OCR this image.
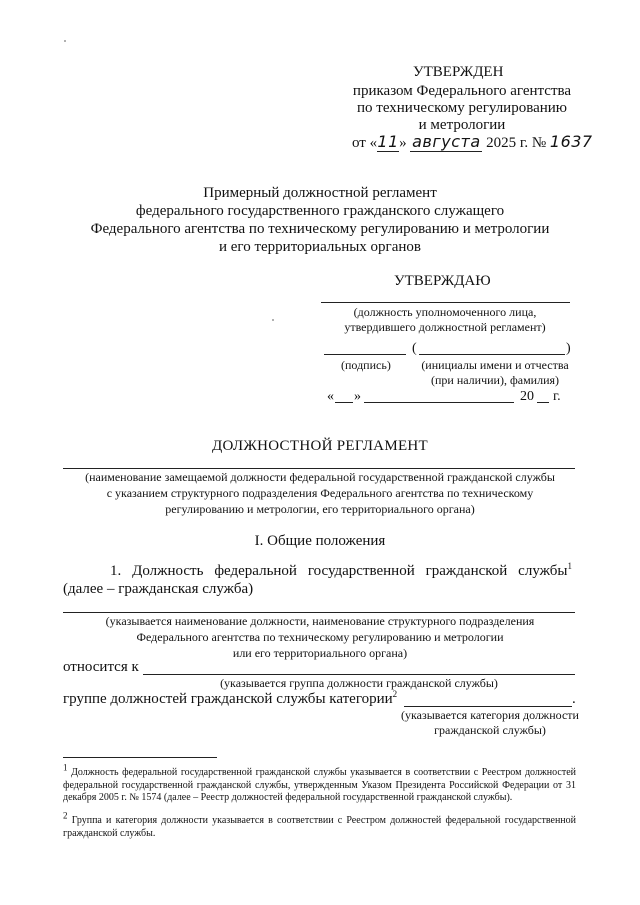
УТВЕРЖДЕН
приказом Федерального агентства
по техническому регулированию
и метрологии
от «11» августа 2025 г. № 1637
Примерный должностной регламент
федерального государственного гражданского служащего
Федерального агентства по техническому регулированию и метрологии
и его территориальных органов
УТВЕРЖДАЮ
(должность уполномоченного лица,
утвердившего должностной регламент)
(	)
(подпись)	(инициалы имени и отчества
(при наличии), фамилия)
« »	20 г.
ДОЛЖНОСТНОЙ РЕГЛАМЕНТ
(наименование замещаемой должности федеральной государственной гражданской службы
с указанием структурного подразделения Федерального агентства по техническому
регулированию и метрологии, его территориального органа)
I. Общие положения
1. Должность федеральной государственной гражданской службы$^1$
(далее – гражданская служба)
(указывается наименование должности, наименование структурного подразделения
Федерального агентства по техническому регулированию и метрологии
или его территориального органа)
относится к
(указывается группа должности гражданской службы)
группе должностей гражданской службы категории$^2$	.
(указывается категория должности
гражданской службы)
$^1$ Должность федеральной государственной гражданской службы указывается в соответствии с Реестром должностей федеральной государственной гражданской службы, утвержденным Указом Президента Российской Федерации от 31 декабря 2005 г. № 1574 (далее – Реестр должностей федеральной государственной гражданской службы).
$^2$ Группа и категория должности указывается в соответствии с Реестром должностей федеральной государственной гражданской службы.
